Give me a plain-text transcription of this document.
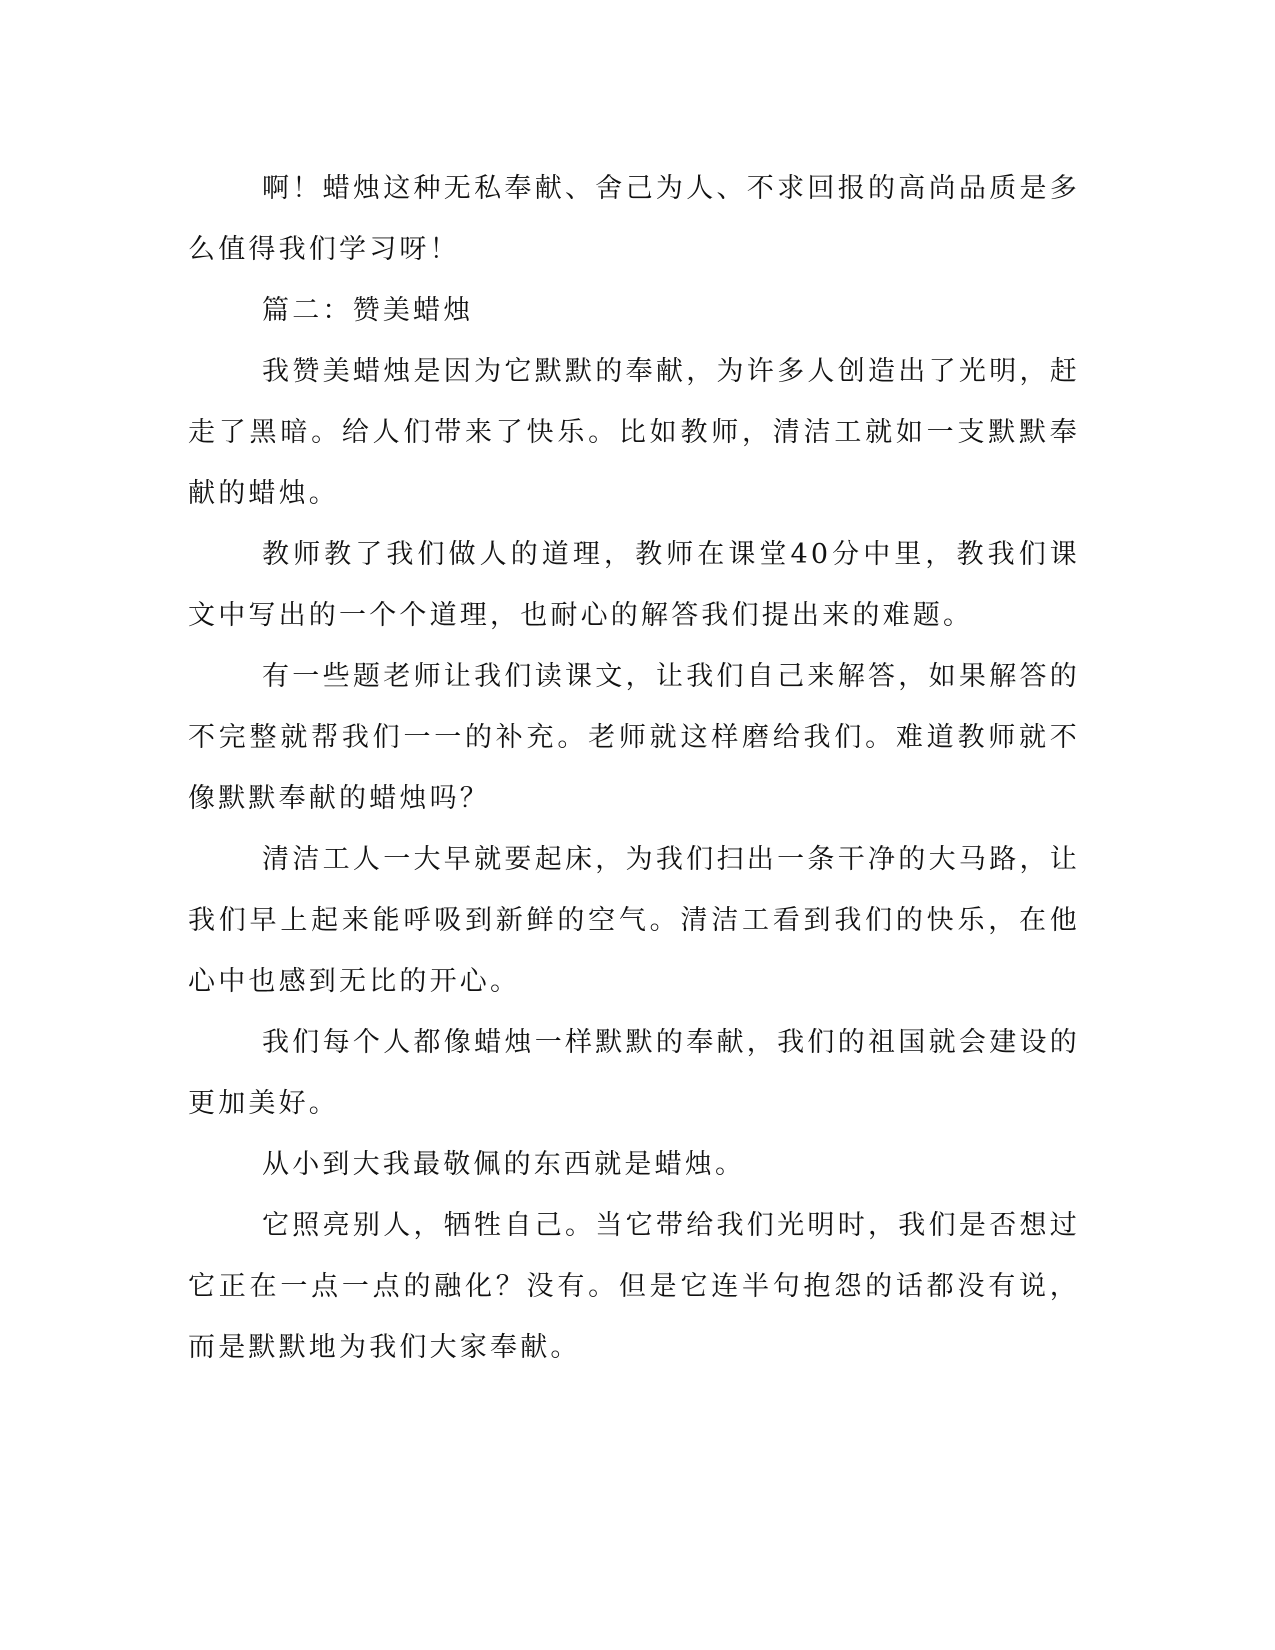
啊！蜡烛这种无私奉献、舍己为人、不求回报的高尚品质是多么值得我们学习呀！

篇二：赞美蜡烛

我赞美蜡烛是因为它默默的奉献，为许多人创造出了光明，赶走了黑暗。给人们带来了快乐。比如教师，清洁工就如一支默默奉献的蜡烛。

教师教了我们做人的道理，教师在课堂40分中里，教我们课文中写出的一个个道理，也耐心的解答我们提出来的难题。

有一些题老师让我们读课文，让我们自己来解答，如果解答的不完整就帮我们一一的补充。老师就这样磨给我们。难道教师就不像默默奉献的蜡烛吗？

清洁工人一大早就要起床，为我们扫出一条干净的大马路，让我们早上起来能呼吸到新鲜的空气。清洁工看到我们的快乐，在他心中也感到无比的开心。

我们每个人都像蜡烛一样默默的奉献，我们的祖国就会建设的更加美好。

从小到大我最敬佩的东西就是蜡烛。

它照亮别人，牺牲自己。当它带给我们光明时，我们是否想过它正在一点一点的融化？没有。但是它连半句抱怨的话都没有说，而是默默地为我们大家奉献。
